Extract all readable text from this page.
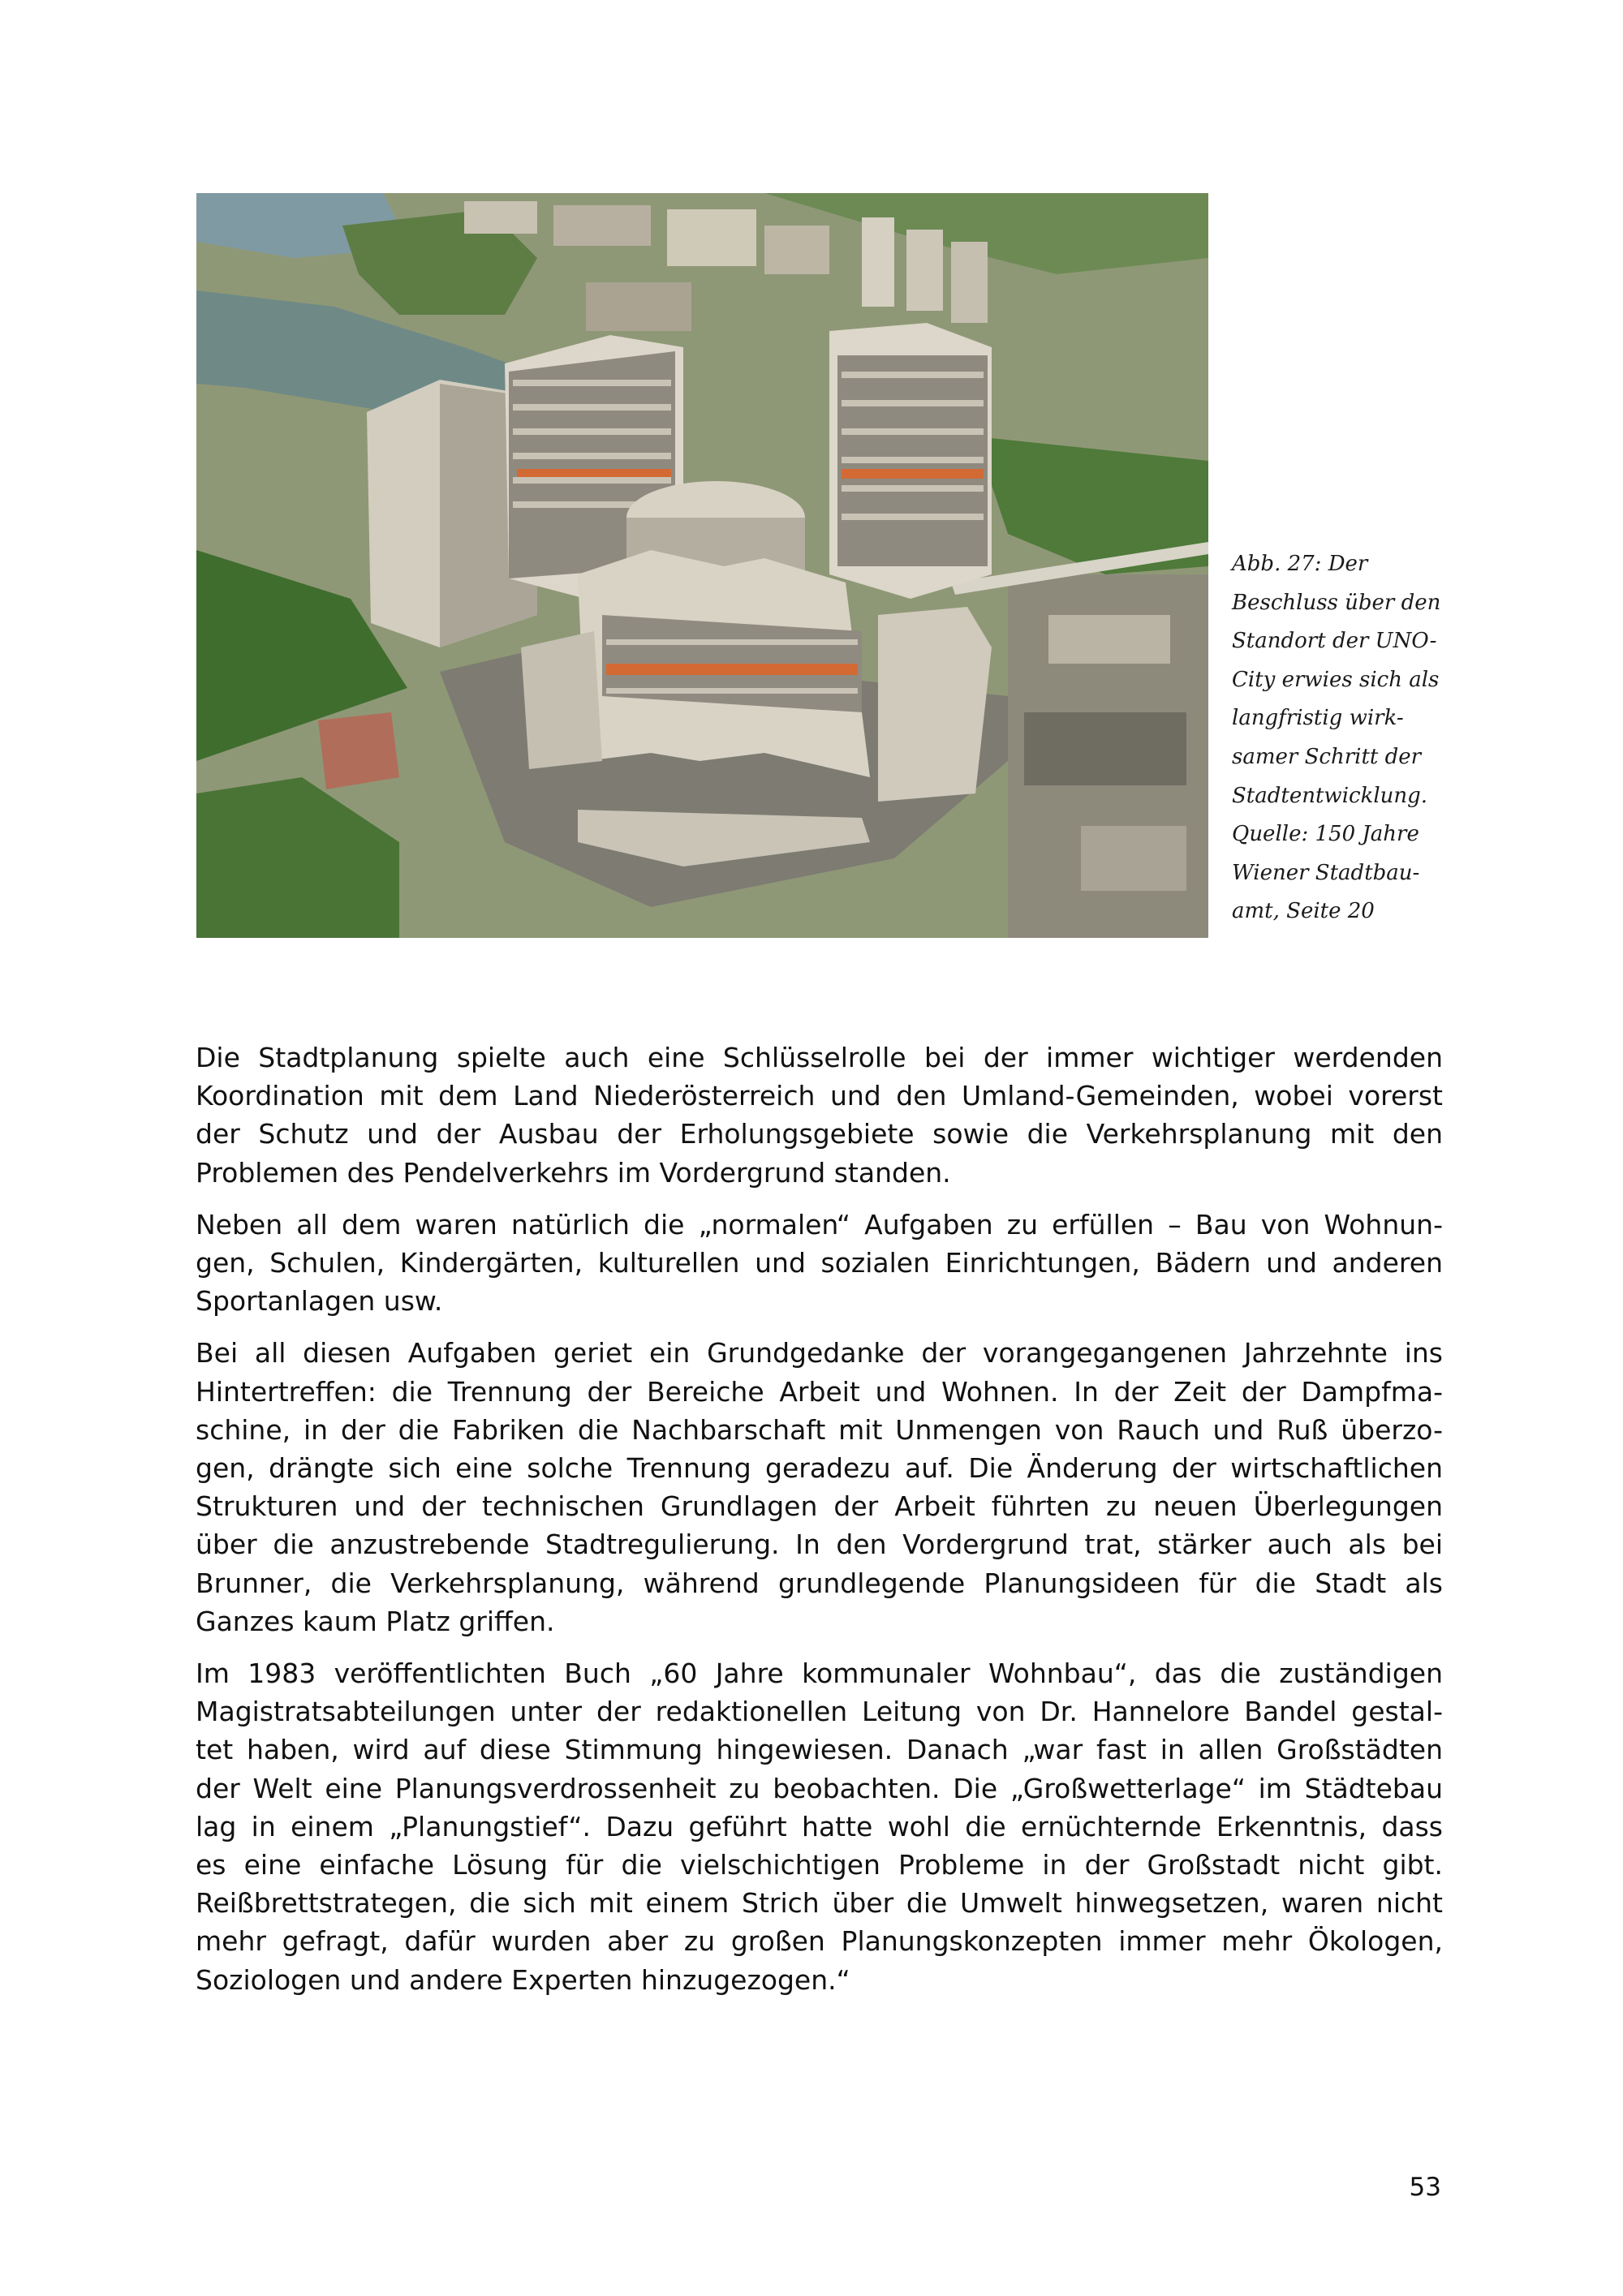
Abb. 27: Der
Beschluss über den
Standort der UNO-
City erwies sich als
langfristig wirk-
samer Schritt der
Stadtentwicklung.
Quelle: 150 Jahre
Wiener Stadtbau-
amt, Seite 20

Die Stadtplanung spielte auch eine Schlüsselrolle bei der immer wichtiger werdenden
Koordination mit dem Land Niederösterreich und den Umland-Gemeinden, wobei vorerst
der Schutz und der Ausbau der Erholungsgebiete sowie die Verkehrsplanung mit den
Problemen des Pendelverkehrs im Vordergrund standen.

Neben all dem waren natürlich die „normalen“ Aufgaben zu erfüllen – Bau von Wohnun-
gen, Schulen, Kindergärten, kulturellen und sozialen Einrichtungen, Bädern und anderen
Sportanlagen usw.

Bei all diesen Aufgaben geriet ein Grundgedanke der vorangegangenen Jahrzehnte ins
Hintertreffen: die Trennung der Bereiche Arbeit und Wohnen. In der Zeit der Dampfma-
schine, in der die Fabriken die Nachbarschaft mit Unmengen von Rauch und Ruß überzo-
gen, drängte sich eine solche Trennung geradezu auf. Die Änderung der wirtschaftlichen
Strukturen und der technischen Grundlagen der Arbeit führten zu neuen Überlegungen
über die anzustrebende Stadtregulierung. In den Vordergrund trat, stärker auch als bei
Brunner, die Verkehrsplanung, während grundlegende Planungsideen für die Stadt als
Ganzes kaum Platz griffen.

Im 1983 veröffentlichten Buch „60 Jahre kommunaler Wohnbau“, das die zuständigen
Magistratsabteilungen unter der redaktionellen Leitung von Dr. Hannelore Bandel gestal-
tet haben, wird auf diese Stimmung hingewiesen. Danach „war fast in allen Großstädten
der Welt eine Planungsverdrossenheit zu beobachten. Die „Großwetterlage“ im Städtebau
lag in einem „Planungstief“. Dazu geführt hatte wohl die ernüchternde Erkenntnis, dass
es eine einfache Lösung für die vielschichtigen Probleme in der Großstadt nicht gibt.
Reißbrettstrategen, die sich mit einem Strich über die Umwelt hinwegsetzen, waren nicht
mehr gefragt, dafür wurden aber zu großen Planungskonzepten immer mehr Ökologen,
Soziologen und andere Experten hinzugezogen.“

53
